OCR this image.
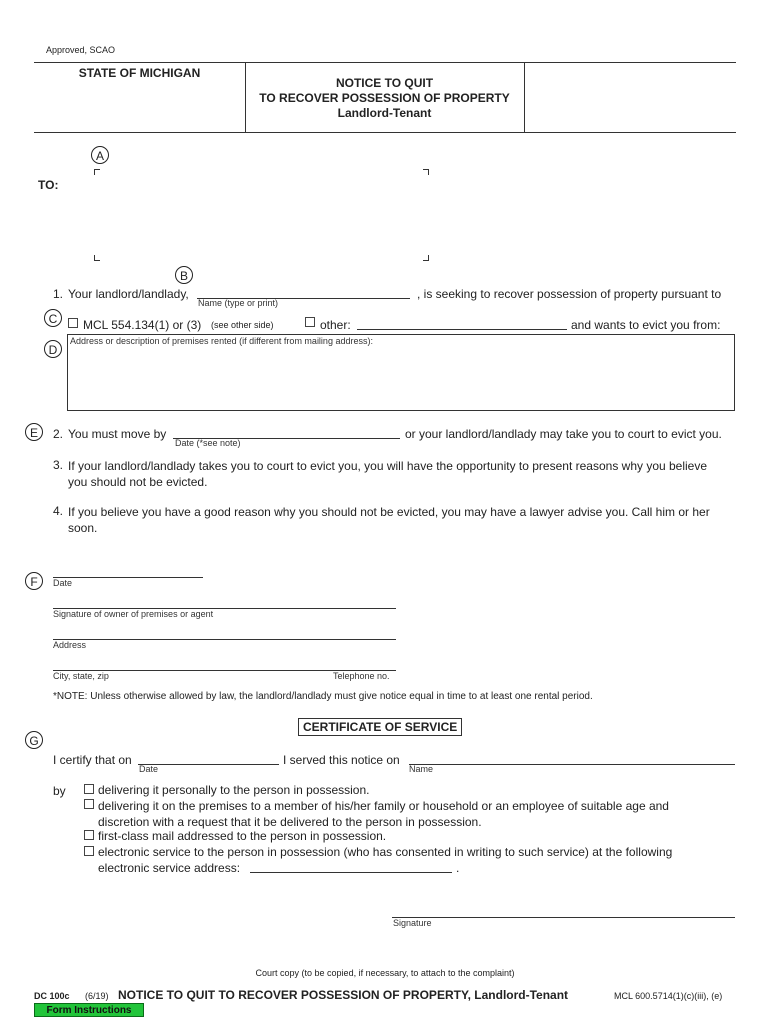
Approved, SCAO
STATE OF MICHIGAN
NOTICE TO QUIT
TO RECOVER POSSESSION OF PROPERTY
Landlord-Tenant
A
TO:
B
1. Your landlord/landlady,
Name (type or print)
, is seeking to recover possession of property pursuant to
C	MCL 554.134(1) or (3) (see other side)	other:	and wants to evict you from:
D
Address or description of premises rented (if different from mailing address):
E	2. You must move by
Date (*see note)
or your landlord/landlady may take you to court to evict you.
3. If your landlord/landlady takes you to court to evict you, you will have the opportunity to present reasons why you believe
you should not be evicted.
4. If you believe you have a good reason why you should not be evicted, you may have a lawyer advise you. Call him or her
soon.
F	Date
Signature of owner of premises or agent
Address
City, state, zip	Telephone no.
*NOTE: Unless otherwise allowed by law, the landlord/landlady must give notice equal in time to at least one rental period.
CERTIFICATE OF SERVICE
G
I certify that on
Date
I served this notice on
Name
by	delivering it personally to the person in possession.
delivering it on the premises to a member of his/her family or household or an employee of suitable age and
discretion with a request that it be delivered to the person in possession.
first-class mail addressed to the person in possession.
electronic service to the person in possession (who has consented in writing to such service) at the following
electronic service address:	.
Signature
Court copy (to be copied, if necessary, to attach to the complaint)
DC 100c (6/19) NOTICE TO QUIT TO RECOVER POSSESSION OF PROPERTY, Landlord-Tenant	MCL 600.5714(1)(c)(iii), (e)
Form Instructions
